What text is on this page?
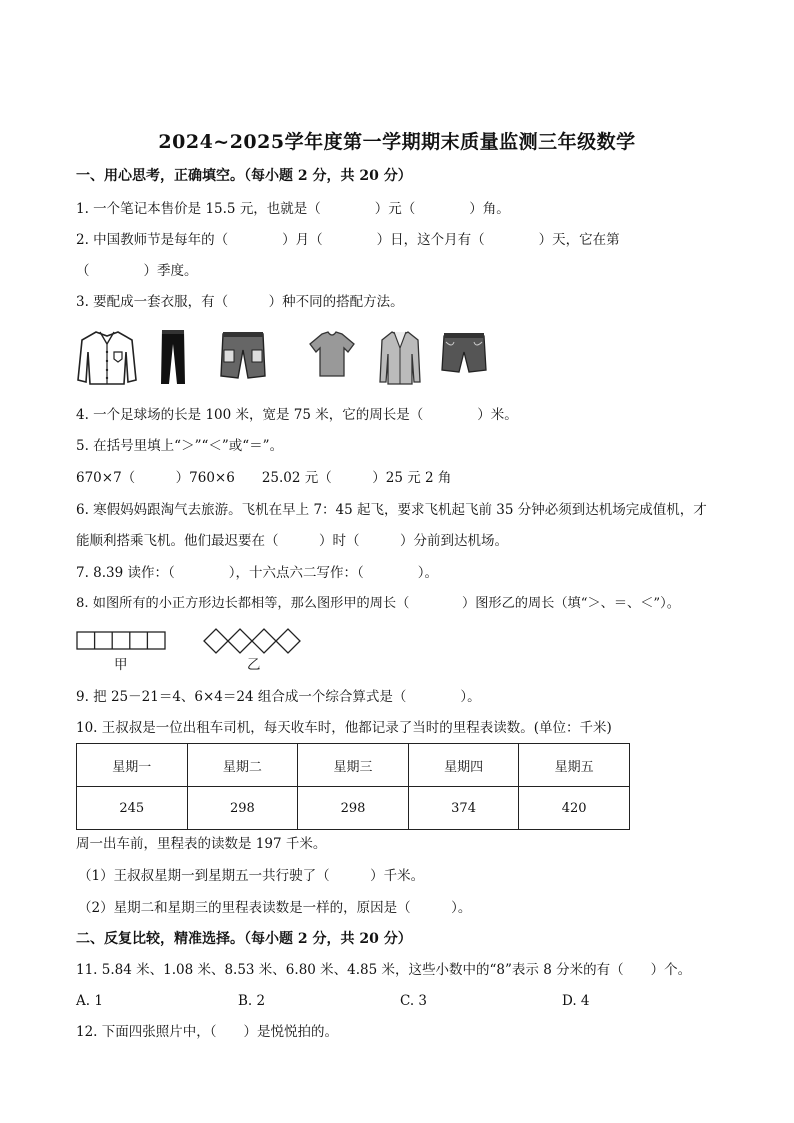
2024~2025学年度第一学期期末质量监测三年级数学
一、用心思考，正确填空。（每小题 2 分，共 20 分）
1. 一个笔记本售价是 15.5 元，也就是（　　　　）元（　　　　）角。
2. 中国教师节是每年的（　　　　）月（　　　　）日，这个月有（　　　　）天，它在第
（　　　　）季度。
3. 要配成一套衣服，有（　　　）种不同的搭配方法。
4. 一个足球场的长是 100 米，宽是 75 米，它的周长是（　　　　）米。
5. 在括号里填上“＞”“＜”或“＝”。
670×7（　　　）760×6　　25.02 元（　　　）25 元 2 角
6. 寒假妈妈跟淘气去旅游。飞机在早上 7：45 起飞，要求飞机起飞前 35 分钟必须到达机场完成值机，才
能顺利搭乘飞机。他们最迟要在（　　　）时（　　　）分前到达机场。
7. 8.39 读作：（　　　　），十六点六二写作：（　　　　）。
8. 如图所有的小正方形边长都相等，那么图形甲的周长（　　　　）图形乙的周长（填“＞、＝、＜”）。
甲	乙
9. 把 25－21＝4、6×4＝24 组合成一个综合算式是（　　　　）。
10. 王叔叔是一位出租车司机，每天收车时，他都记录了当时的里程表读数。(单位：千米)
星期一	星期二	星期三	星期四	星期五
245	298	298	374	420
周一出车前，里程表的读数是 197 千米。
（1）王叔叔星期一到星期五一共行驶了（　　　）千米。
（2）星期二和星期三的里程表读数是一样的，原因是（　　　）。
二、反复比较，精准选择。（每小题 2 分，共 20 分）
11. 5.84 米、1.08 米、8.53 米、6.80 米、4.85 米，这些小数中的“8”表示 8 分米的有（　　）个。
A. 1	B. 2	C. 3	D. 4
12. 下面四张照片中，（　　）是悦悦拍的。
